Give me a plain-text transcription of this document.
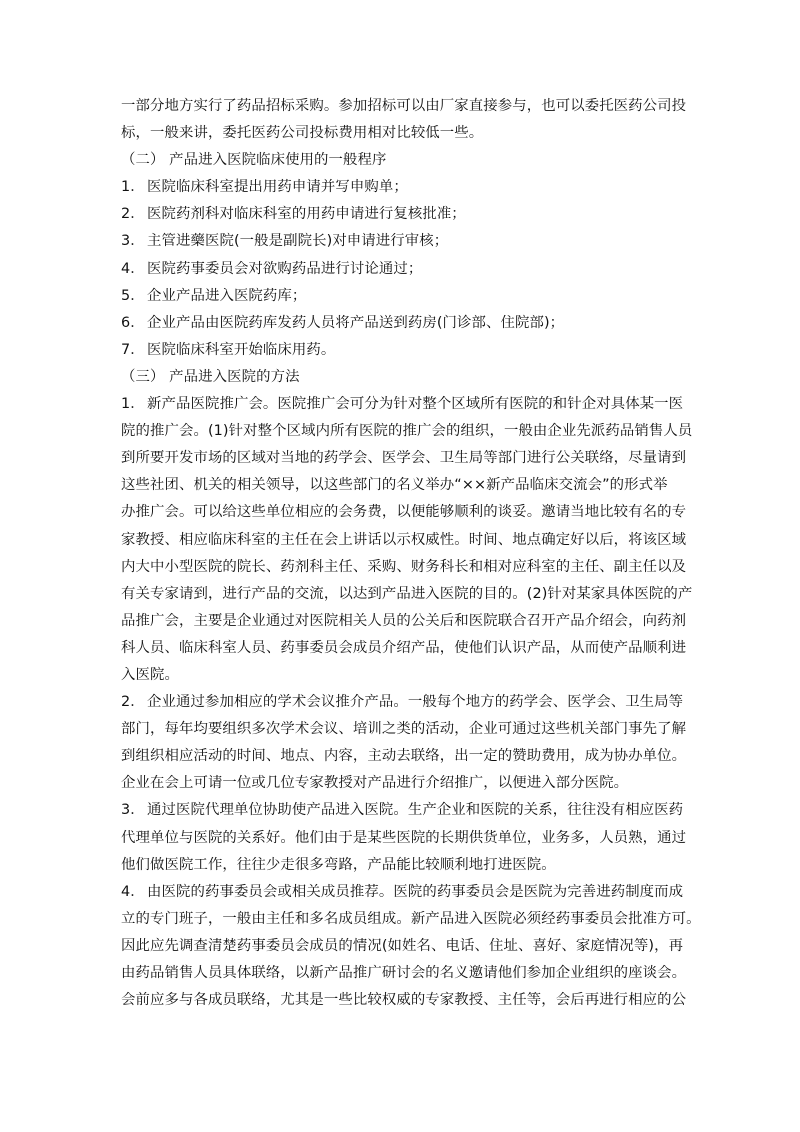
一部分地方实行了药品招标采购。参加招标可以由厂家直接参与，也可以委托医药公司投
标，一般来讲，委托医药公司投标费用相对比较低一些。
（二） 产品进入医院临床使用的一般程序
1． 医院临床科室提出用药申请并写申购单；
2． 医院药剂科对临床科室的用药申请进行复核批准；
3． 主管进藥医院(一般是副院长)对申请进行审核；
4． 医院药事委员会对欲购药品进行讨论通过；
5． 企业产品进入医院药库；
6． 企业产品由医院药库发药人员将产品送到药房(门诊部、住院部)；
7． 医院临床科室开始临床用药。
（三） 产品进入医院的方法
1． 新产品医院推广会。医院推广会可分为针对整个区域所有医院的和针企对具体某一医
院的推广会。(1)针对整个区域内所有医院的推广会的组织，一般由企业先派药品销售人员
到所要开发市场的区域对当地的药学会、医学会、卫生局等部门进行公关联络，尽量请到
这些社团、机关的相关领导，以这些部门的名义举办“××新产品临床交流会”的形式举
办推广会。可以给这些单位相应的会务费，以便能够顺利的谈妥。邀请当地比较有名的专
家教授、相应临床科室的主任在会上讲话以示权威性。时间、地点确定好以后，将该区域
内大中小型医院的院长、药剂科主任、采购、财务科长和相对应科室的主任、副主任以及
有关专家请到，进行产品的交流，以达到产品进入医院的目的。(2)针对某家具体医院的产
品推广会，主要是企业通过对医院相关人员的公关后和医院联合召开产品介绍会，向药剂
科人员、临床科室人员、药事委员会成员介绍产品，使他们认识产品，从而使产品顺利进
入医院。
2． 企业通过参加相应的学术会议推介产品。一般每个地方的药学会、医学会、卫生局等
部门，每年均要组织多次学术会议、培训之类的活动，企业可通过这些机关部门事先了解
到组织相应活动的时间、地点、内容，主动去联络，出一定的赞助费用，成为协办单位。
企业在会上可请一位或几位专家教授对产品进行介绍推广，以便进入部分医院。
3． 通过医院代理单位协助使产品进入医院。生产企业和医院的关系，往往没有相应医药
代理单位与医院的关系好。他们由于是某些医院的长期供货单位，业务多，人员熟，通过
他们做医院工作，往往少走很多弯路，产品能比较顺利地打进医院。
4． 由医院的药事委员会或相关成员推荐。医院的药事委员会是医院为完善进药制度而成
立的专门班子，一般由主任和多名成员组成。新产品进入医院必须经药事委员会批准方可。
因此应先调查清楚药事委员会成员的情况(如姓名、电话、住址、喜好、家庭情况等)，再
由药品销售人员具体联络，以新产品推广研讨会的名义邀请他们参加企业组织的座谈会。
会前应多与各成员联络，尤其是一些比较权威的专家教授、主任等，会后再进行相应的公
